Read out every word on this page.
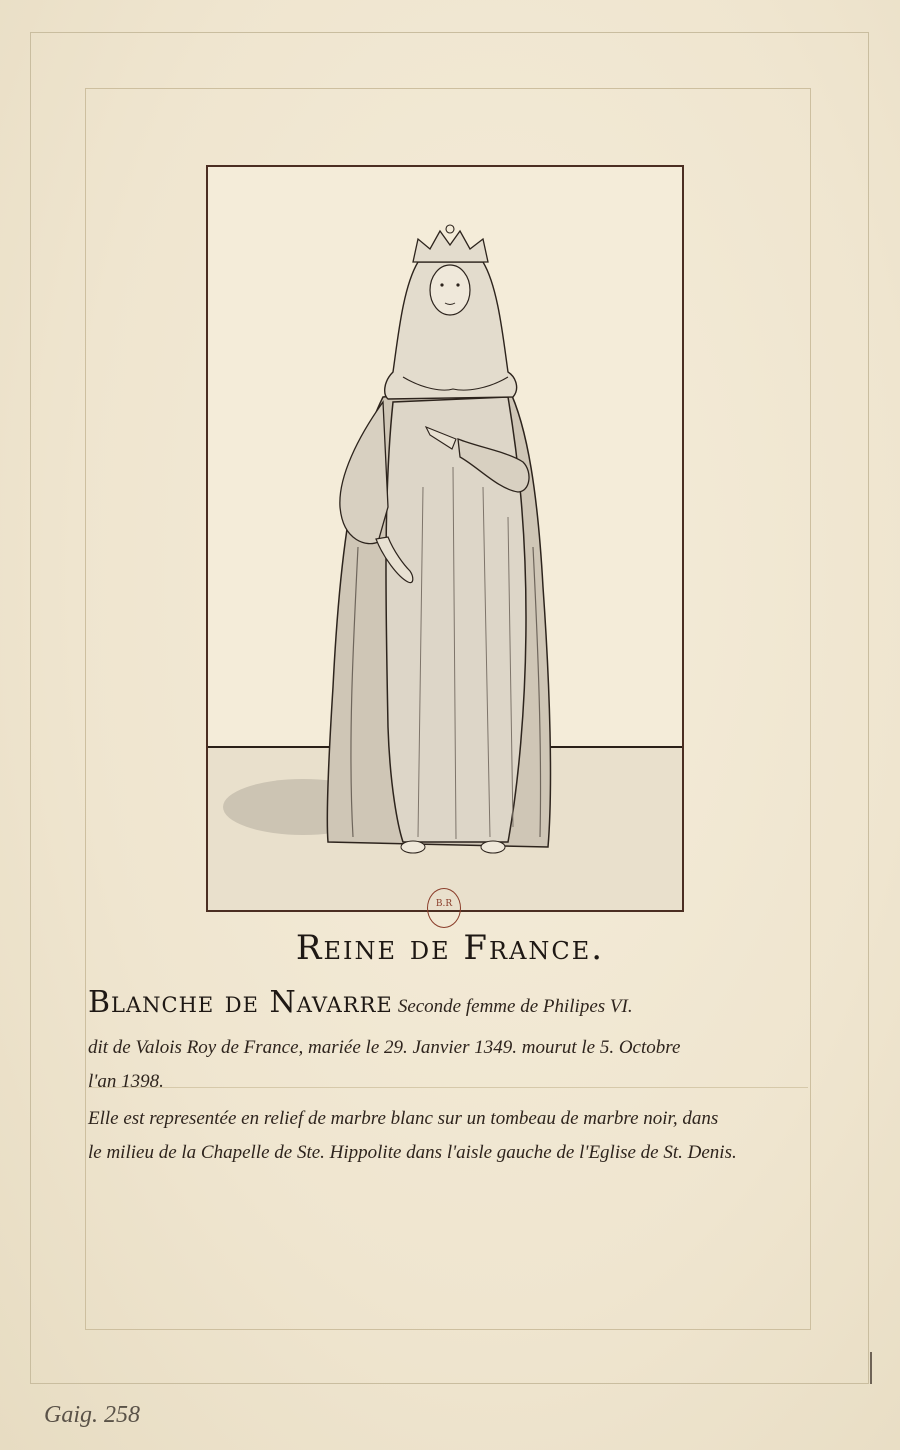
B.R
Reine de France.
Blanche de Navarre Seconde femme de Philipes VI.
dit de Valois Roy de France, mariée le 29. Janvier 1349. mourut le 5. Octobre
l'an 1398.
Elle est representée en relief de marbre blanc sur un tombeau de marbre noir, dans
le milieu de la Chapelle de Ste. Hippolite dans l'aisle gauche de l'Eglise de St. Denis.
Gaig. 258
